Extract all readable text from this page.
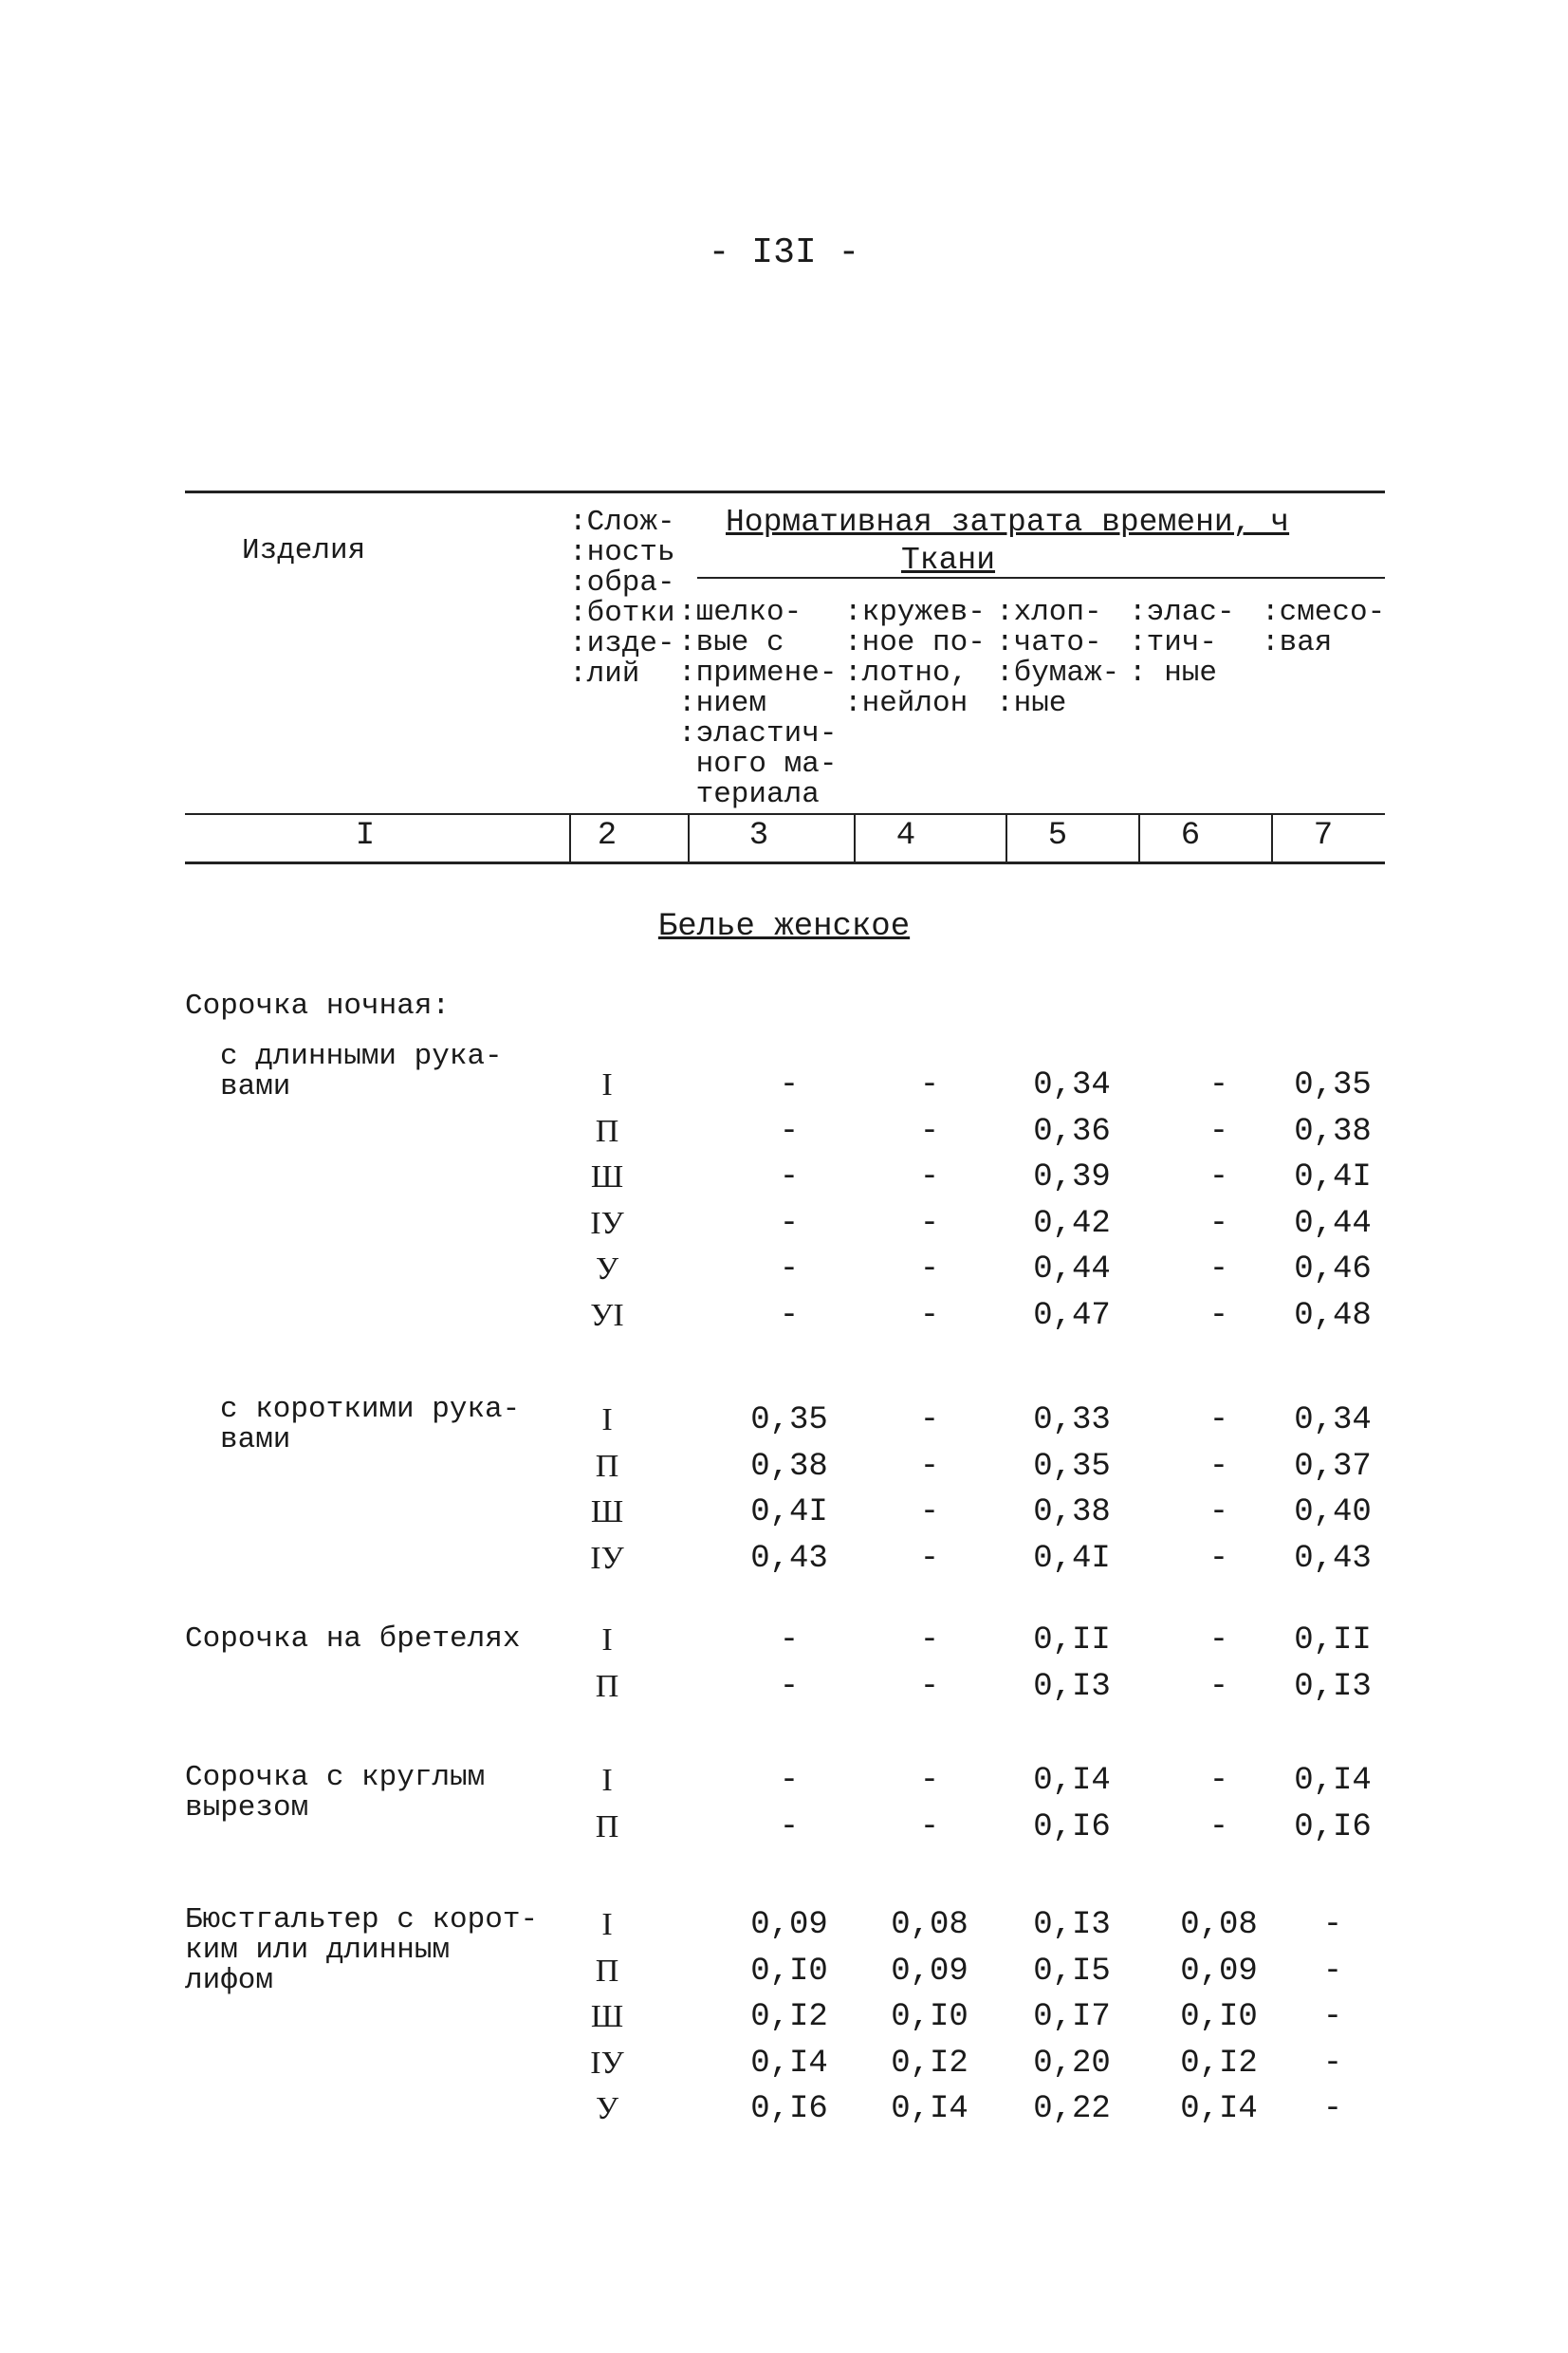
- I3I -
Изделия
:Слож-
:ность
:обра-
:ботки
:изде-
:лий
Нормативная затрата времени, ч
Ткани
:шелко-
:вые с
:примене-
:нием
:эластич-
ного ма-
териала
:кружев-
:ное по-
:лотно,
:нейлон
:хлоп-
:чато-
:бумаж-
:ные
:элас-
:тич-
: ные
:смесо-
:вая
I	2	3	4	5	6	7
Белье женское
Сорочка ночная:
с длинными рука-
вами	I	-	-	0,34	-	0,35
П	-	-	0,36	-	0,38
Ш	-	-	0,39	-	0,4I
IУ	-	-	0,42	-	0,44
У	-	-	0,44	-	0,46
УI	-	-	0,47	-	0,48
с короткими рука-
вами
I	0,35	-	0,33	-	0,34
П	0,38	-	0,35	-	0,37
Ш	0,4I	-	0,38	-	0,40
IУ	0,43	-	0,4I	-	0,43
Сорочка на бретелях	I	-	-	0,II	-	0,II
П	-	-	0,I3	-	0,I3
Сорочка с круглым
вырезом
I	-	-	0,I4	-	0,I4
П	-	-	0,I6	-	0,I6
Бюстгальтер с корот-
ким или длинным
лифом
I	0,09	0,08	0,I3	0,08	-
П	0,I0	0,09	0,I5	0,09	-
Ш	0,I2	0,I0	0,I7	0,I0	-
IУ	0,I4	0,I2	0,20	0,I2	-
У	0,I6	0,I4	0,22	0,I4	-
